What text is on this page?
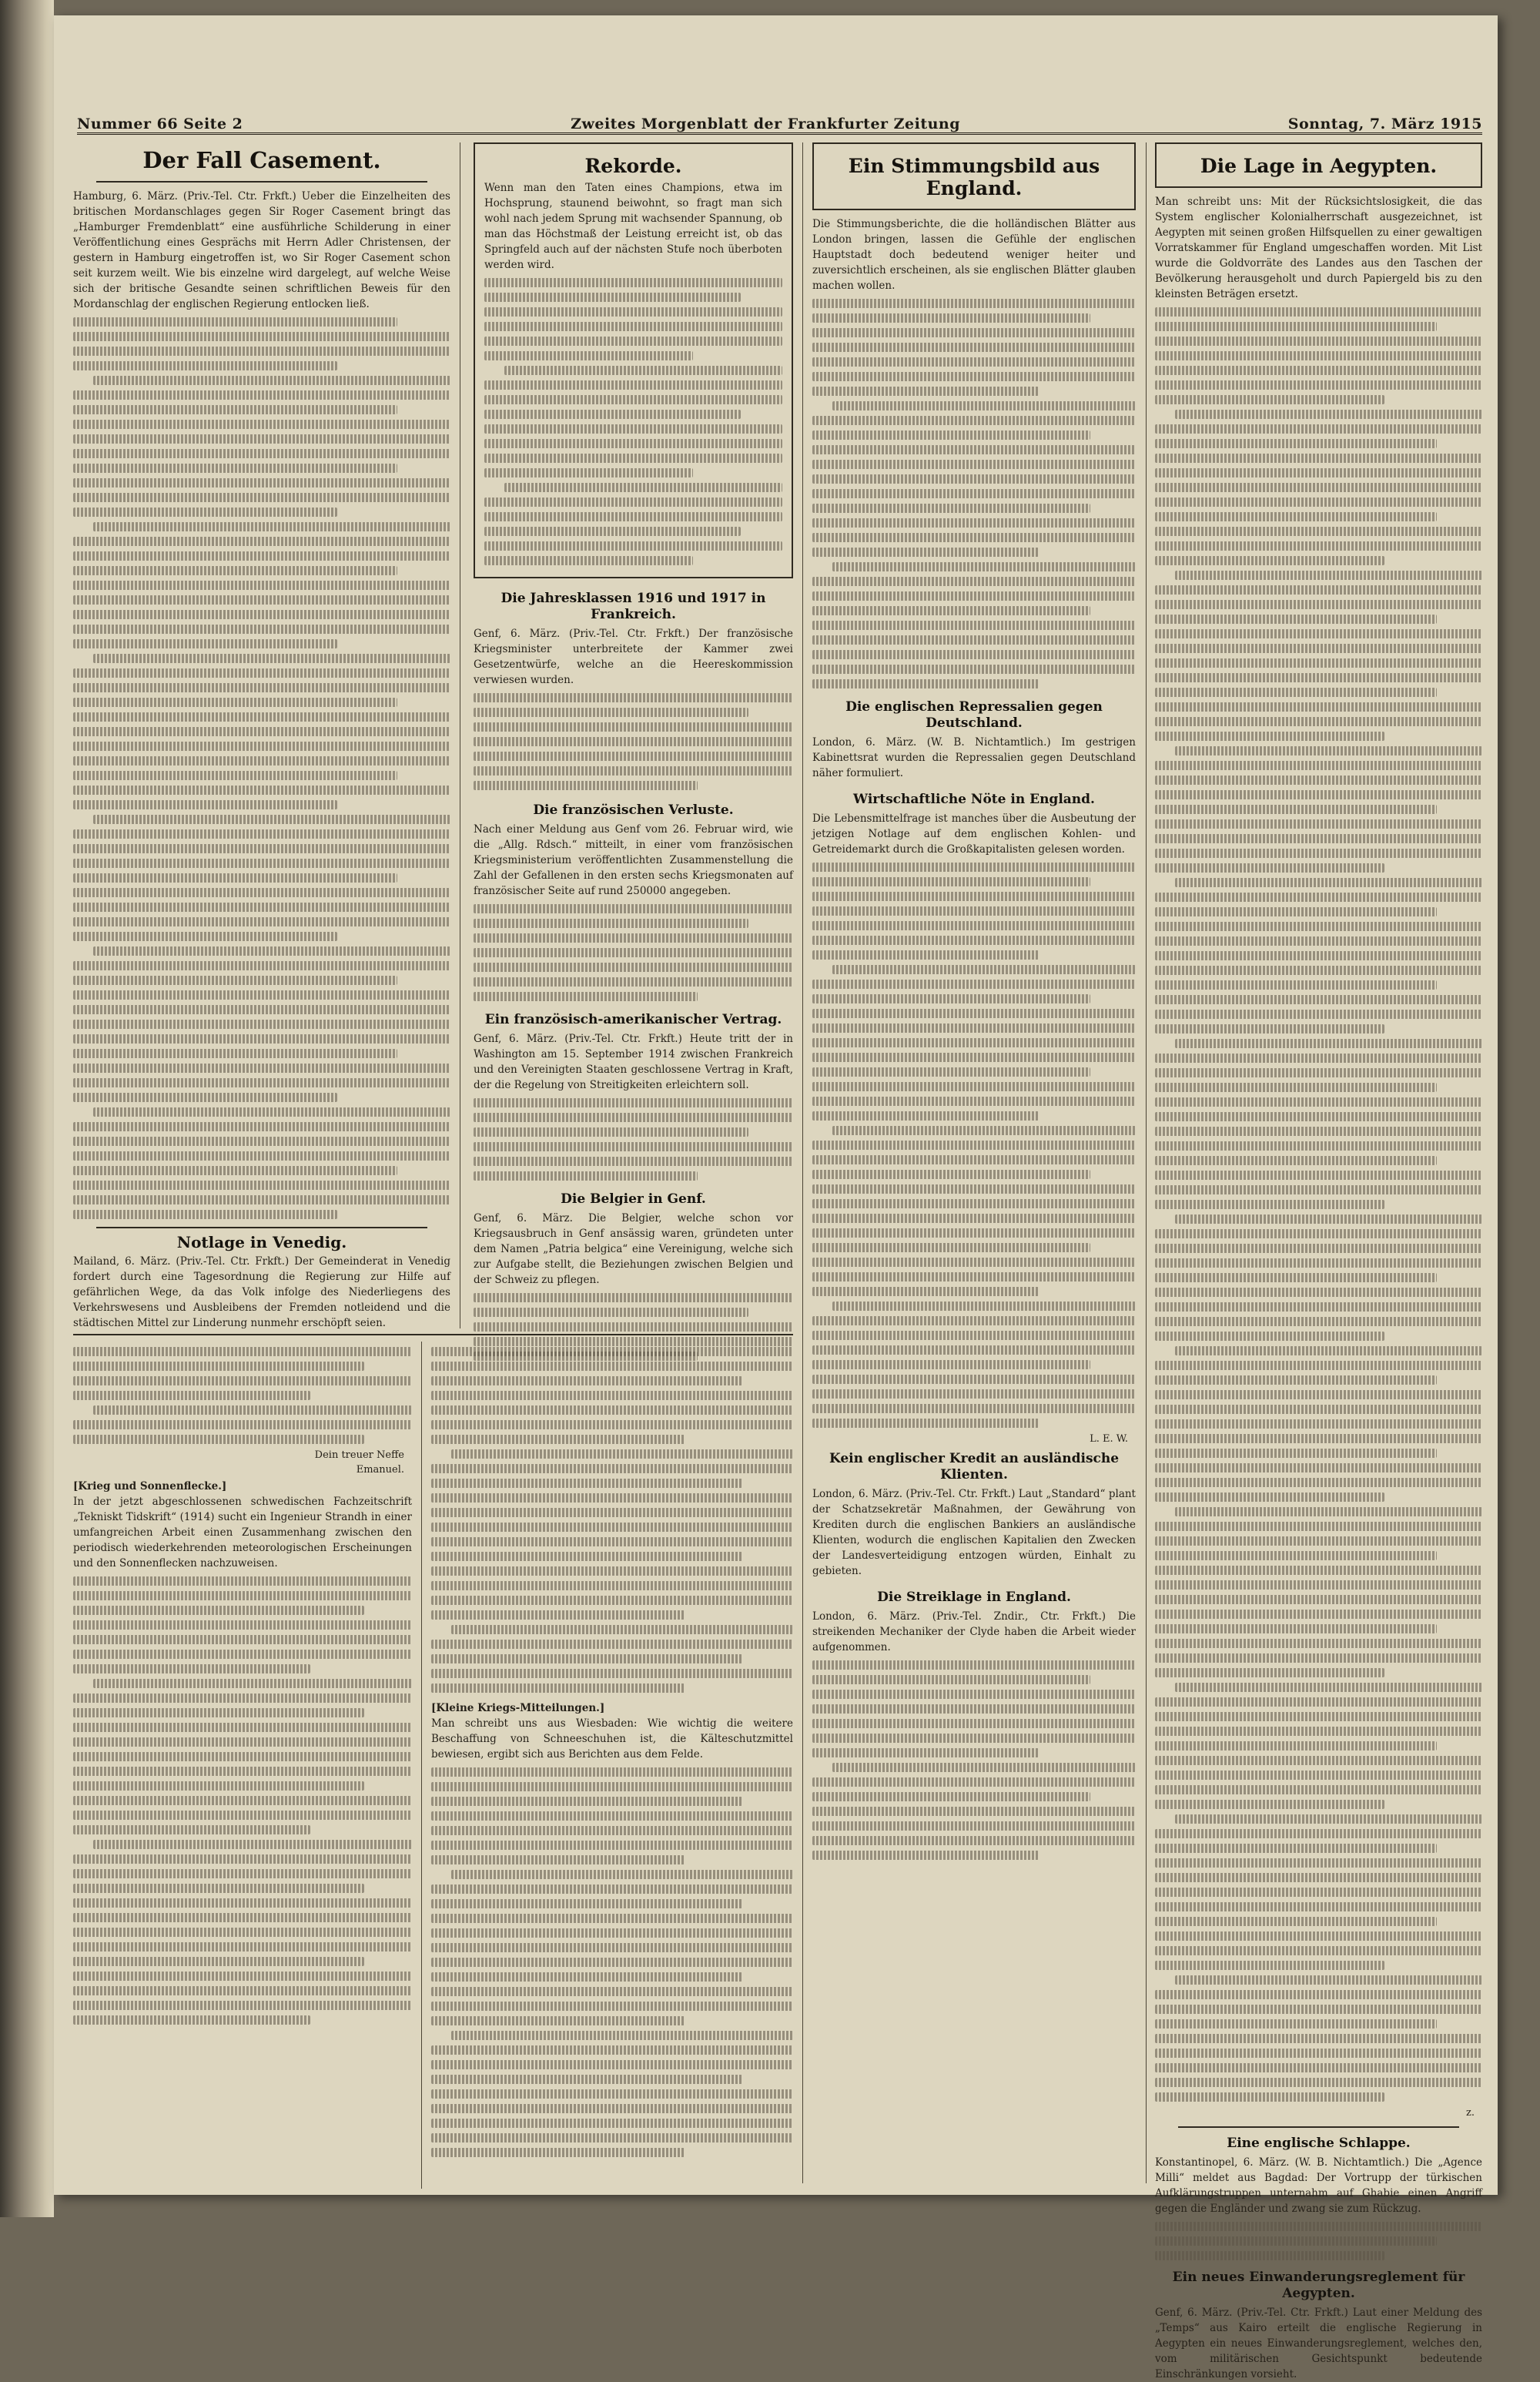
Nummer 66 Seite 2	Zweites Morgenblatt der Frankfurter Zeitung	Sonntag, 7. März 1915
Der Fall Casement.

Hamburg, 6. März. (Priv.-Tel. Ctr. Frkft.) Ueber die Einzelheiten des britischen Mordanschlages gegen Sir Roger Casement bringt das „Hamburger Fremdenblatt“ eine ausführliche Schilderung in einer Veröffentlichung eines Gesprächs mit Herrn Adler Christensen, der gestern in Hamburg eingetroffen ist, wo Sir Roger Casement schon seit kurzem weilt. Wie bis einzelne wird dargelegt, auf welche Weise sich der britische Gesandte seinen schriftlichen Beweis für den Mordanschlag der englischen Regierung entlocken ließ.

Notlage in Venedig.

Mailand, 6. März. (Priv.-Tel. Ctr. Frkft.) Der Gemeinderat in Venedig fordert durch eine Tagesordnung die Regierung zur Hilfe auf gefährlichen Wege, da das Volk infolge des Niederliegens des Verkehrswesens und Ausbleibens der Fremden notleidend und die städtischen Mittel zur Linderung nunmehr erschöpft seien.

Rekorde.

Wenn man den Taten eines Champions, etwa im Hochsprung, staunend beiwohnt, so fragt man sich wohl nach jedem Sprung mit wachsender Spannung, ob man das Höchstmaß der Leistung erreicht ist, ob das Springfeld auch auf der nächsten Stufe noch überboten werden wird.

Die Jahresklassen 1916 und 1917 in Frankreich.

Genf, 6. März. (Priv.-Tel. Ctr. Frkft.) Der französische Kriegsminister unterbreitete der Kammer zwei Gesetzentwürfe, welche an die Heereskommission verwiesen wurden.

Die französischen Verluste.

Nach einer Meldung aus Genf vom 26. Februar wird, wie die „Allg. Rdsch.“ mitteilt, in einer vom französischen Kriegsministerium veröffentlichten Zusammenstellung die Zahl der Gefallenen in den ersten sechs Kriegsmonaten auf französischer Seite auf rund 250000 angegeben.

Ein französisch-amerikanischer Vertrag.

Genf, 6. März. (Priv.-Tel. Ctr. Frkft.) Heute tritt der in Washington am 15. September 1914 zwischen Frankreich und den Vereinigten Staaten geschlossene Vertrag in Kraft, der die Regelung von Streitigkeiten erleichtern soll.

Die Belgier in Genf.

Genf, 6. März. Die Belgier, welche schon vor Kriegsausbruch in Genf ansässig waren, gründeten unter dem Namen „Patria belgica“ eine Vereinigung, welche sich zur Aufgabe stellt, die Beziehungen zwischen Belgien und der Schweiz zu pflegen.

Dein treuer Neffe
Emanuel.

[Krieg und Sonnenflecke.]

In der jetzt abgeschlossenen schwedischen Fachzeitschrift „Tekniskt Tidskrift“ (1914) sucht ein Ingenieur Strandh in einer umfangreichen Arbeit einen Zusammenhang zwischen den periodisch wiederkehrenden meteorologischen Erscheinungen und den Sonnenflecken nachzuweisen.

[Kleine Kriegs-Mitteilungen.]

Man schreibt uns aus Wiesbaden: Wie wichtig die weitere Beschaffung von Schneeschuhen ist, die Kälteschutzmittel bewiesen, ergibt sich aus Berichten aus dem Felde.

Ein Stimmungsbild aus England.

Die Stimmungsberichte, die die holländischen Blätter aus London bringen, lassen die Gefühle der englischen Hauptstadt doch bedeutend weniger heiter und zuversichtlich erscheinen, als sie englischen Blätter glauben machen wollen.

Die englischen Repressalien gegen Deutschland.

London, 6. März. (W. B. Nichtamtlich.) Im gestrigen Kabinettsrat wurden die Repressalien gegen Deutschland näher formuliert.

Wirtschaftliche Nöte in England.

Die Lebensmittelfrage ist manches über die Ausbeutung der jetzigen Notlage auf dem englischen Kohlen- und Getreidemarkt durch die Großkapitalisten gelesen worden.

L. E. W.
Kein englischer Kredit an ausländische Klienten.

London, 6. März. (Priv.-Tel. Ctr. Frkft.) Laut „Standard“ plant der Schatzsekretär Maßnahmen, der Gewährung von Krediten durch die englischen Bankiers an ausländische Klienten, wodurch die englischen Kapitalien den Zwecken der Landesverteidigung entzogen würden, Einhalt zu gebieten.

Die Streiklage in England.

London, 6. März. (Priv.-Tel. Zndir., Ctr. Frkft.) Die streikenden Mechaniker der Clyde haben die Arbeit wieder aufgenommen.

Die Lage in Aegypten.

Man schreibt uns: Mit der Rücksichtslosigkeit, die das System englischer Kolonialherrschaft ausgezeichnet, ist Aegypten mit seinen großen Hilfsquellen zu einer gewaltigen Vorratskammer für England umgeschaffen worden. Mit List wurde die Goldvorräte des Landes aus den Taschen der Bevölkerung herausgeholt und durch Papiergeld bis zu den kleinsten Beträgen ersetzt.

z.
Eine englische Schlappe.

Konstantinopel, 6. März. (W. B. Nichtamtlich.) Die „Agence Milli“ meldet aus Bagdad: Der Vortrupp der türkischen Aufklärungstruppen unternahm auf Ghabie einen Angriff gegen die Engländer und zwang sie zum Rückzug.

Ein neues Einwanderungsreglement für Aegypten.

Genf, 6. März. (Priv.-Tel. Ctr. Frkft.) Laut einer Meldung des „Temps“ aus Kairo erteilt die englische Regierung in Aegypten ein neues Einwanderungsreglement, welches den, vom militärischen Gesichtspunkt bedeutende Einschränkungen vorsieht.
